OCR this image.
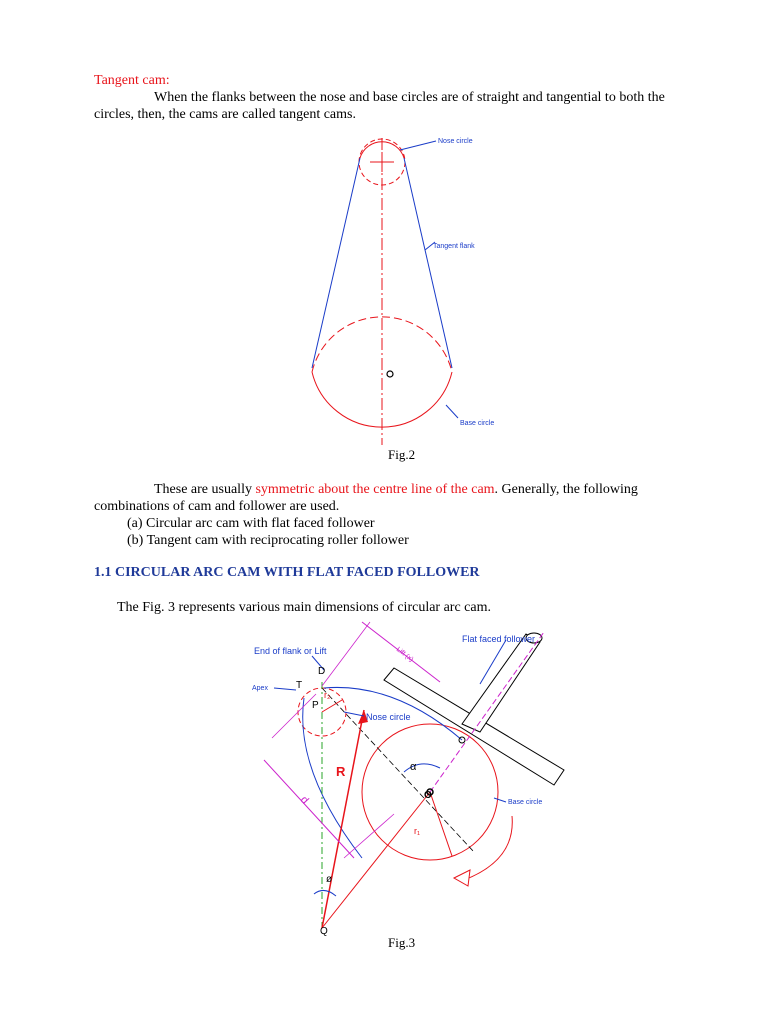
Tangent cam:
When the flanks between the nose and base circles are of straight and tangential to both the
circles, then, the cams are called tangent cams.
Nose circle
Tangent flank
Base circle
Fig.2
These are usually symmetric about the centre line of the cam. Generally, the following
combinations of cam and follower are used.
(a) Circular arc cam with flat faced follower
(b) Tangent cam with reciprocating roller follower
1.1 CIRCULAR ARC CAM WITH FLAT FACED FOLLOWER
The Fig. 3 represents various main dimensions of circular arc cam.
End of flank or Lift
Flat faced follower
Lift (x)
Apex	T
D
P
r₂
Nose circle
α
O
R
d	Base circle
r₁
ø
Q
Fig.3
